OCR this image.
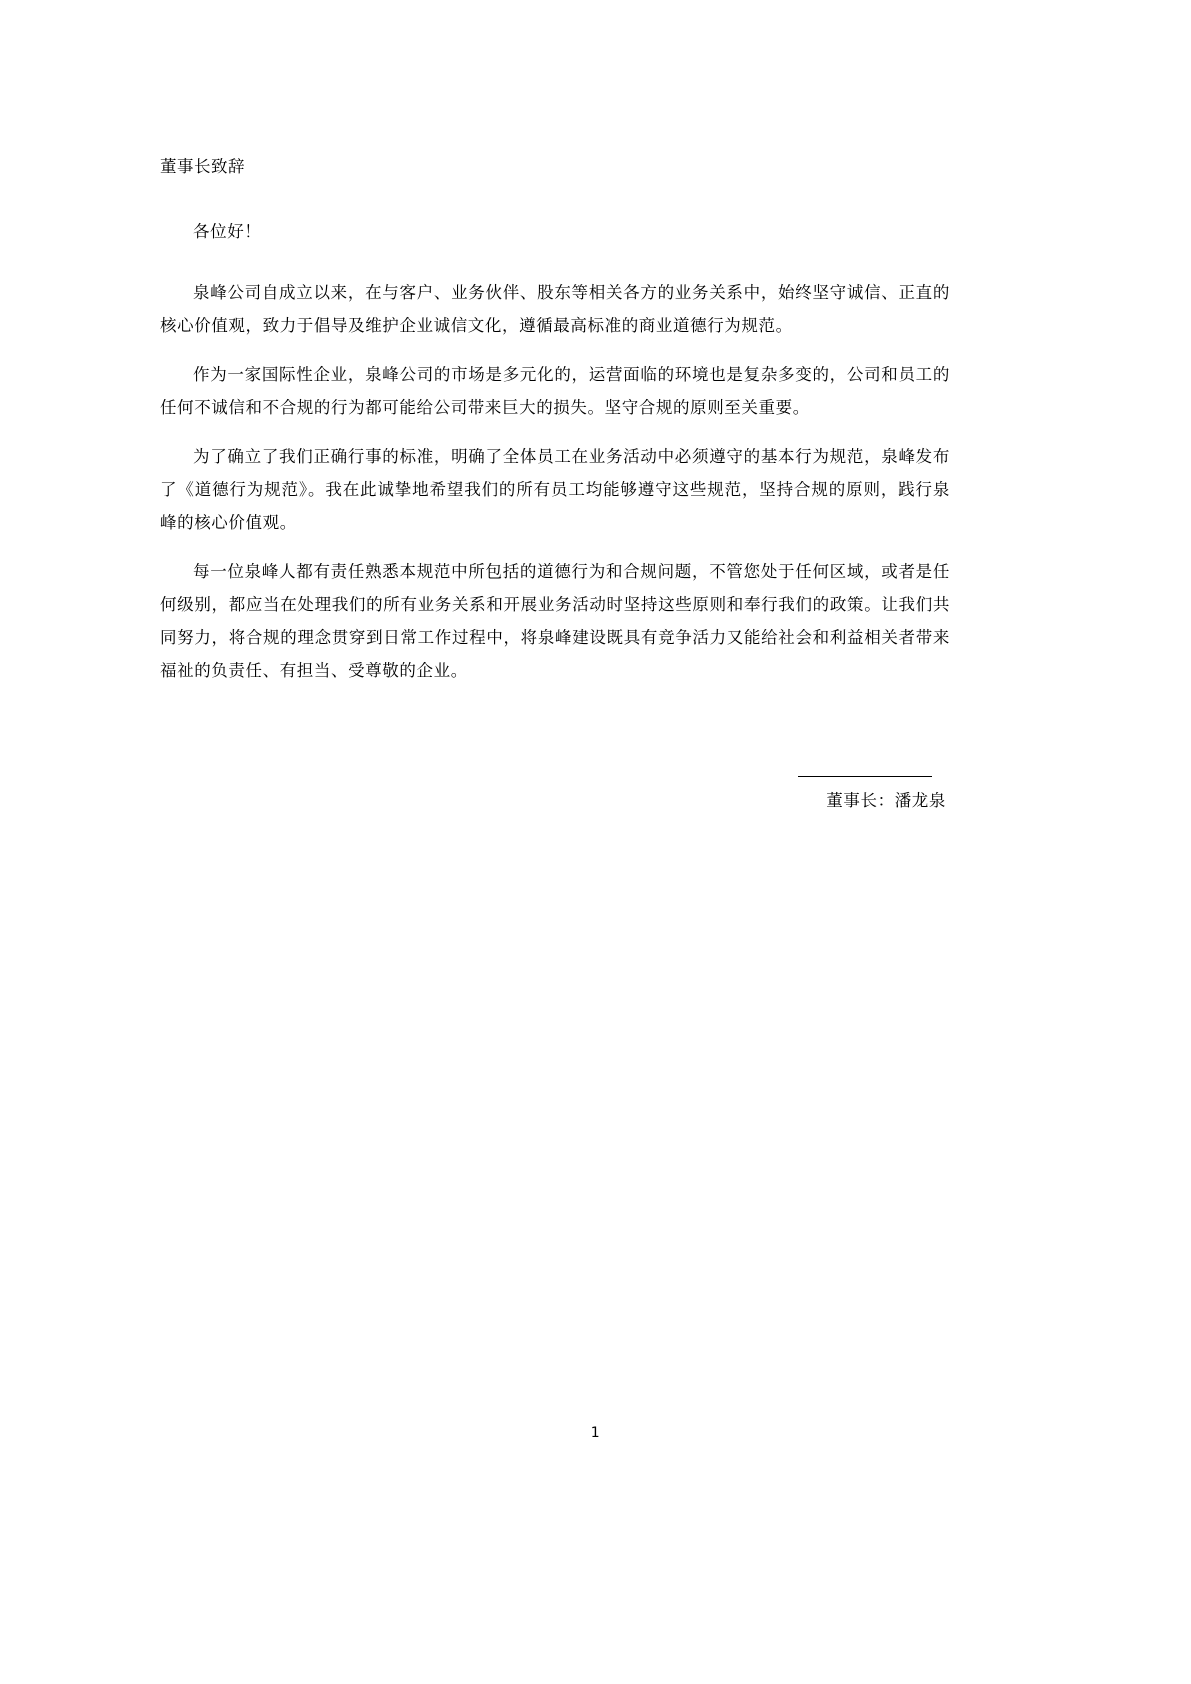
董事长致辞

各位好！

泉峰公司自成立以来，在与客户、业务伙伴、股东等相关各方的业务关系中，始终坚守诚信、正直的核心价值观，致力于倡导及维护企业诚信文化，遵循最高标准的商业道德行为规范。

作为一家国际性企业，泉峰公司的市场是多元化的，运营面临的环境也是复杂多变的，公司和员工的任何不诚信和不合规的行为都可能给公司带来巨大的损失。坚守合规的原则至关重要。

为了确立了我们正确行事的标准，明确了全体员工在业务活动中必须遵守的基本行为规范，泉峰发布了《道德行为规范》。我在此诚挚地希望我们的所有员工均能够遵守这些规范，坚持合规的原则，践行泉峰的核心价值观。

每一位泉峰人都有责任熟悉本规范中所包括的道德行为和合规问题，不管您处于任何区域，或者是任何级别，都应当在处理我们的所有业务关系和开展业务活动时坚持这些原则和奉行我们的政策。让我们共同努力，将合规的理念贯穿到日常工作过程中，将泉峰建设既具有竞争活力又能给社会和利益相关者带来福祉的负责任、有担当、受尊敬的企业。

董事长：潘龙泉
1
